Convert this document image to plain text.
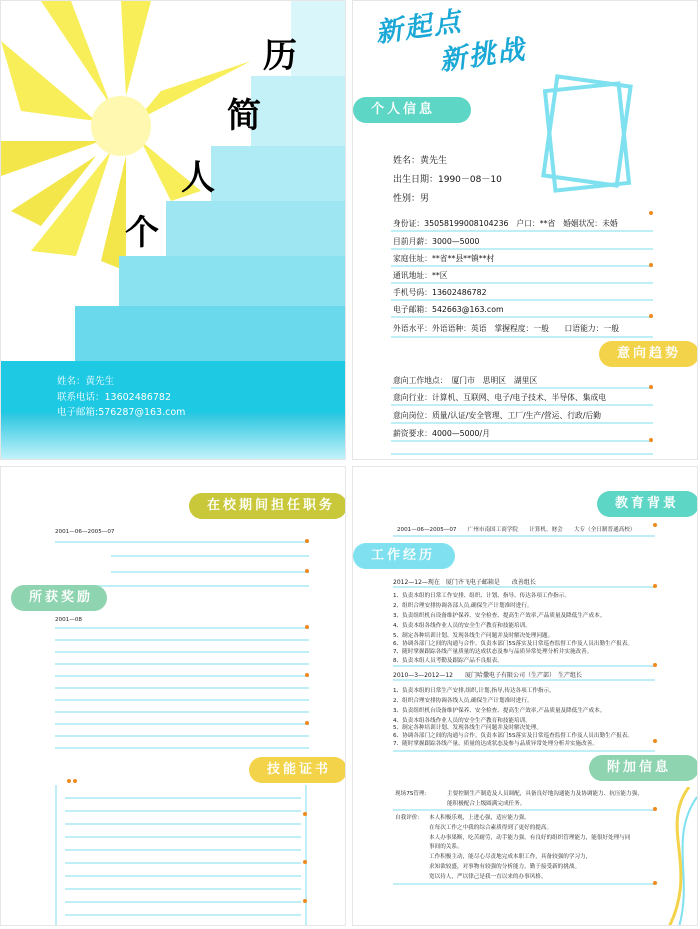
历
简
人
个
姓名：黄先生
联系电话：13602486782
电子邮箱:576287@163.com
新起点
新挑战
个人信息
姓名：黄先生
出生日期：1990－08－10
性别：男
身份证：350581990081042​36　户口：**省　婚姻状况：未婚
目前月薪：3000—5000
家庭住址：**省**县**镇**村
通讯地址：**区
手机号码：13602486782
电子邮箱：542663@163.com
外语水平：外语语种：英语　掌握程度：一般　　口语能力：一般
意向趋势
意向工作地点：　厦门市　思明区　湖里区
意向行业：计算机、互联网、电子/电子技术、半导体、集成电
意向岗位：质量/认证/安全管理、工厂/生产/营运、行政/后勤
薪资要求：4000—5000/月
在校期间担任职务
2001—06—2005—07
所获奖励
2001—08
技能证书
教育背景
2001—06—2005—07　　广州市南国工商学院　　计算机、财会　　大专（全日制普通高校）
工作经历
2012—12—现在　厦门齐飞电子邮箱是　　改善组长
1、负责本组的日常工作安排、组织、计划、指导、传达各项工作指示。
2、组织合理安排协调各部人员,确保生产计划准时进行。
3、负责组织机台设备维护保养、安全检查、提高生产效率,产品质量及降低生产成本。
4、负责本组各线作业人员的安全生产教育和技能培训。
5、制定各种培训计划、发现各线生产问题并及时解决处理问题。
6、协调各部门之间的沟通与合作。负责本部门5S落实及日常巡查监督工作及人员出勤生产报表。
7、随时掌握跟踪各线产量质量的达成状态及参与品质异常处理分析并实施改善。
8、负责本组人员考勤及跟踪产品不良报表。
2010—3—2012—12　　厦门哈撒电子有限公司（生产部）　生产组长
1、负责本组的日常生产安排,组织,计划,指导,传达各项工作指示。
2、组织合理安排协调各线人员,确保生产计划准时进行。
3、负责组织机台设备维护保养、安全检查、提高生产效率,产品质量及降低生产成本。
4、负责本组各线作业人员的安全生产教育和技能培训。
5、制定各种培训计划、发现各线生产问题并及时解决处理。
6、协调各部门之间的沟通与合作。负责本部门5S落实及日常巡查监督工作及人员出勤生产报表。
7、随时掌握跟踪各线产量、质量的达成状态及参与品质异常处理分析并实施改善。
附加信息
现场7S管理：	主要控制生产制造及人员调配，具备良好地沟通能力及协调能力、抗压能力强，
能积极配合上级圆满完成任务。
自我评价： 本人积极乐观，上进心强，适应能力强，
在每次工作之中我的综合素质得到了更好的提高。
本人办事果断，吃苦耐劳，动手能力强，有良好的组织管理能力，能很好处理与同
事间的关系。
工作积极主动，能尽心尽责地完成本职工作，具备较强的学习力，
求知欲较盛，对事物有较强的分析能力，勤于接受新的挑战。
宽以待人，严以律己是我一直以来的办事风格。
